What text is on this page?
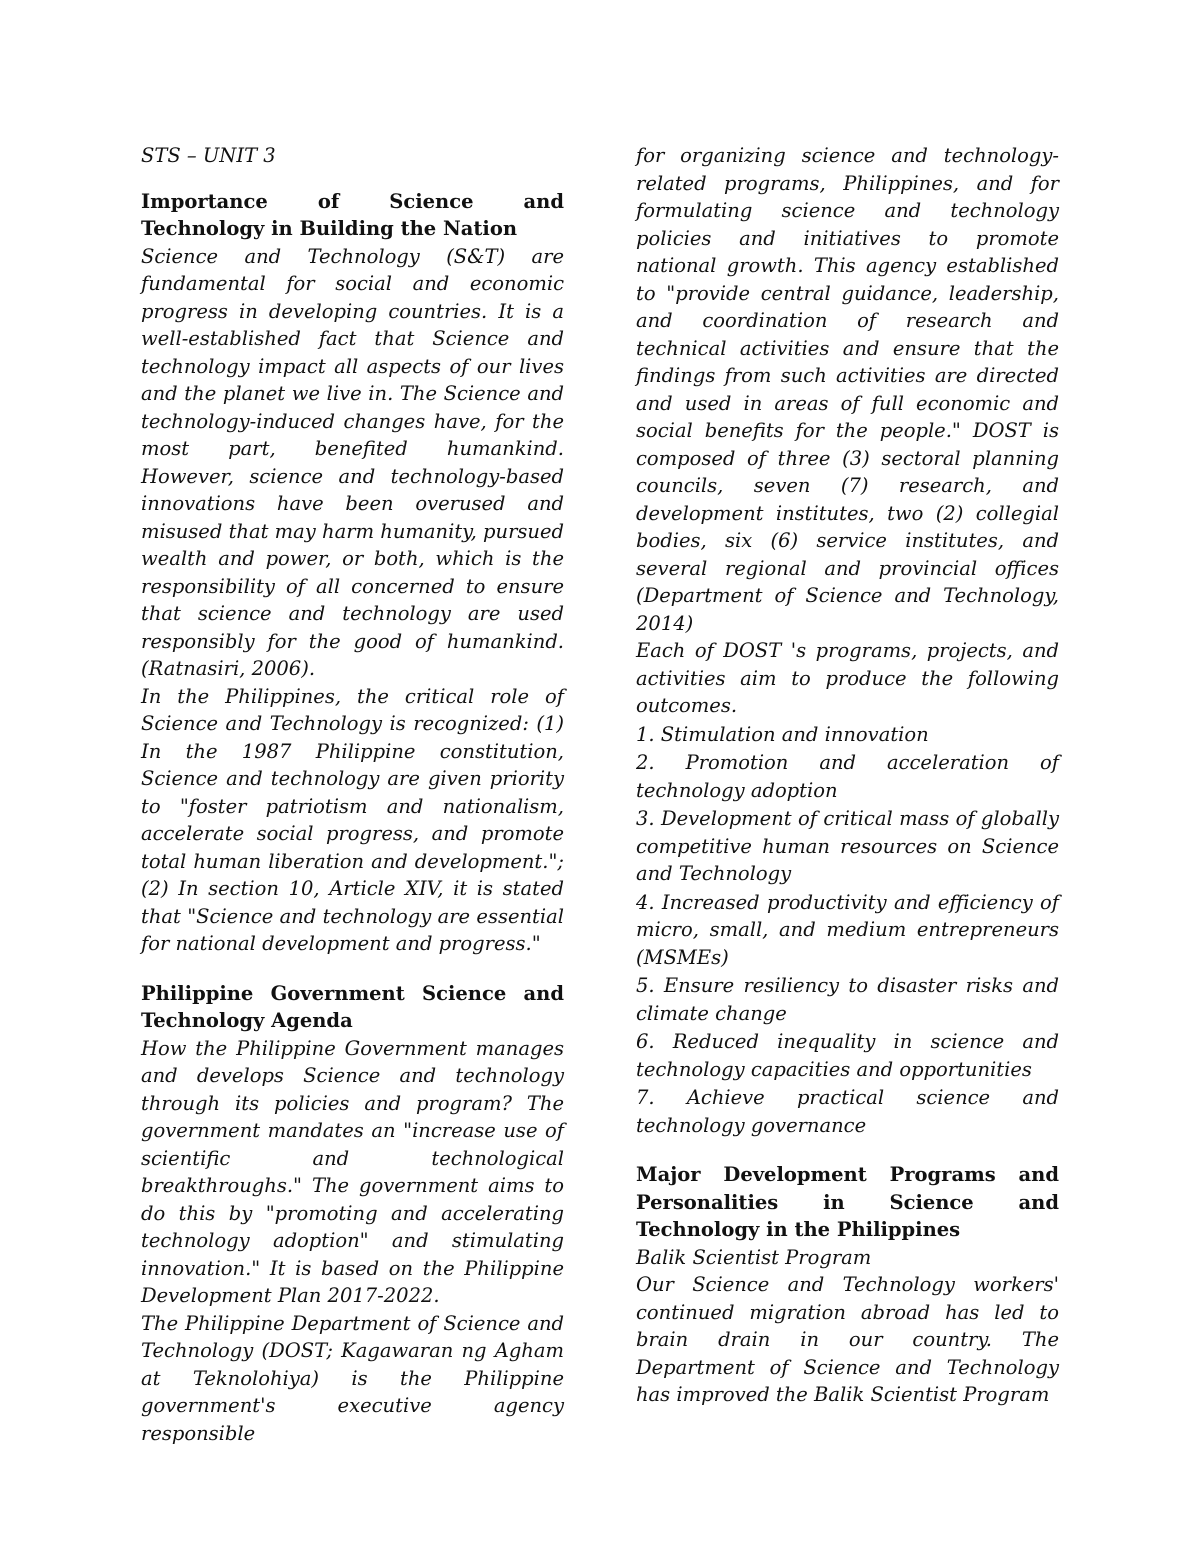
STS – UNIT 3

Importance of Science and Technology in Building the Nation

Science and Technology (S&T) are fundamental for social and economic progress in developing countries. It is a well-established fact that Science and technology impact all aspects of our lives and the planet we live in. The Science and technology-induced changes have, for the most part, benefited humankind. However, science and technology-based innovations have been overused and misused that may harm humanity, pursued wealth and power, or both, which is the responsibility of all concerned to ensure that science and technology are used responsibly for the good of humankind. (Ratnasiri, 2006).

In the Philippines, the critical role of Science and Technology is recognized: (1) In the 1987 Philippine constitution, Science and technology are given priority to "foster patriotism and nationalism, accelerate social progress, and promote total human liberation and development."; (2) In section 10, Article XIV, it is stated that "Science and technology are essential for national development and progress."

Philippine Government Science and Technology Agenda

How the Philippine Government manages and develops Science and technology through its policies and program? The government mandates an "increase use of scientific and technological breakthroughs." The government aims to do this by "promoting and accelerating technology adoption" and stimulating innovation." It is based on the Philippine Development Plan 2017-2022.

The Philippine Department of Science and Technology (DOST; Kagawaran ng Agham at Teknolohiya) is the Philippine government's executive agency responsible

for organizing science and technology-related programs, Philippines, and for formulating science and technology policies and initiatives to promote national growth. This agency established to "provide central guidance, leadership, and coordination of research and technical activities and ensure that the findings from such activities are directed and used in areas of full economic and social benefits for the people." DOST is composed of three (3) sectoral planning councils, seven (7) research, and development institutes, two (2) collegial bodies, six (6) service institutes, and several regional and provincial offices (Department of Science and Technology, 2014)

Each of DOST 's programs, projects, and activities aim to produce the following outcomes.

1. Stimulation and innovation

2. Promotion and acceleration of technology adoption

3. Development of critical mass of globally competitive human resources on Science and Technology

4. Increased productivity and efficiency of micro, small, and medium entrepreneurs (MSMEs)

5. Ensure resiliency to disaster risks and climate change

6. Reduced inequality in science and technology capacities and opportunities

7. Achieve practical science and technology governance

Major Development Programs and Personalities in Science and Technology in the Philippines

Balik Scientist Program

Our Science and Technology workers' continued migration abroad has led to brain drain in our country. The Department of Science and Technology has improved the Balik Scientist Program
